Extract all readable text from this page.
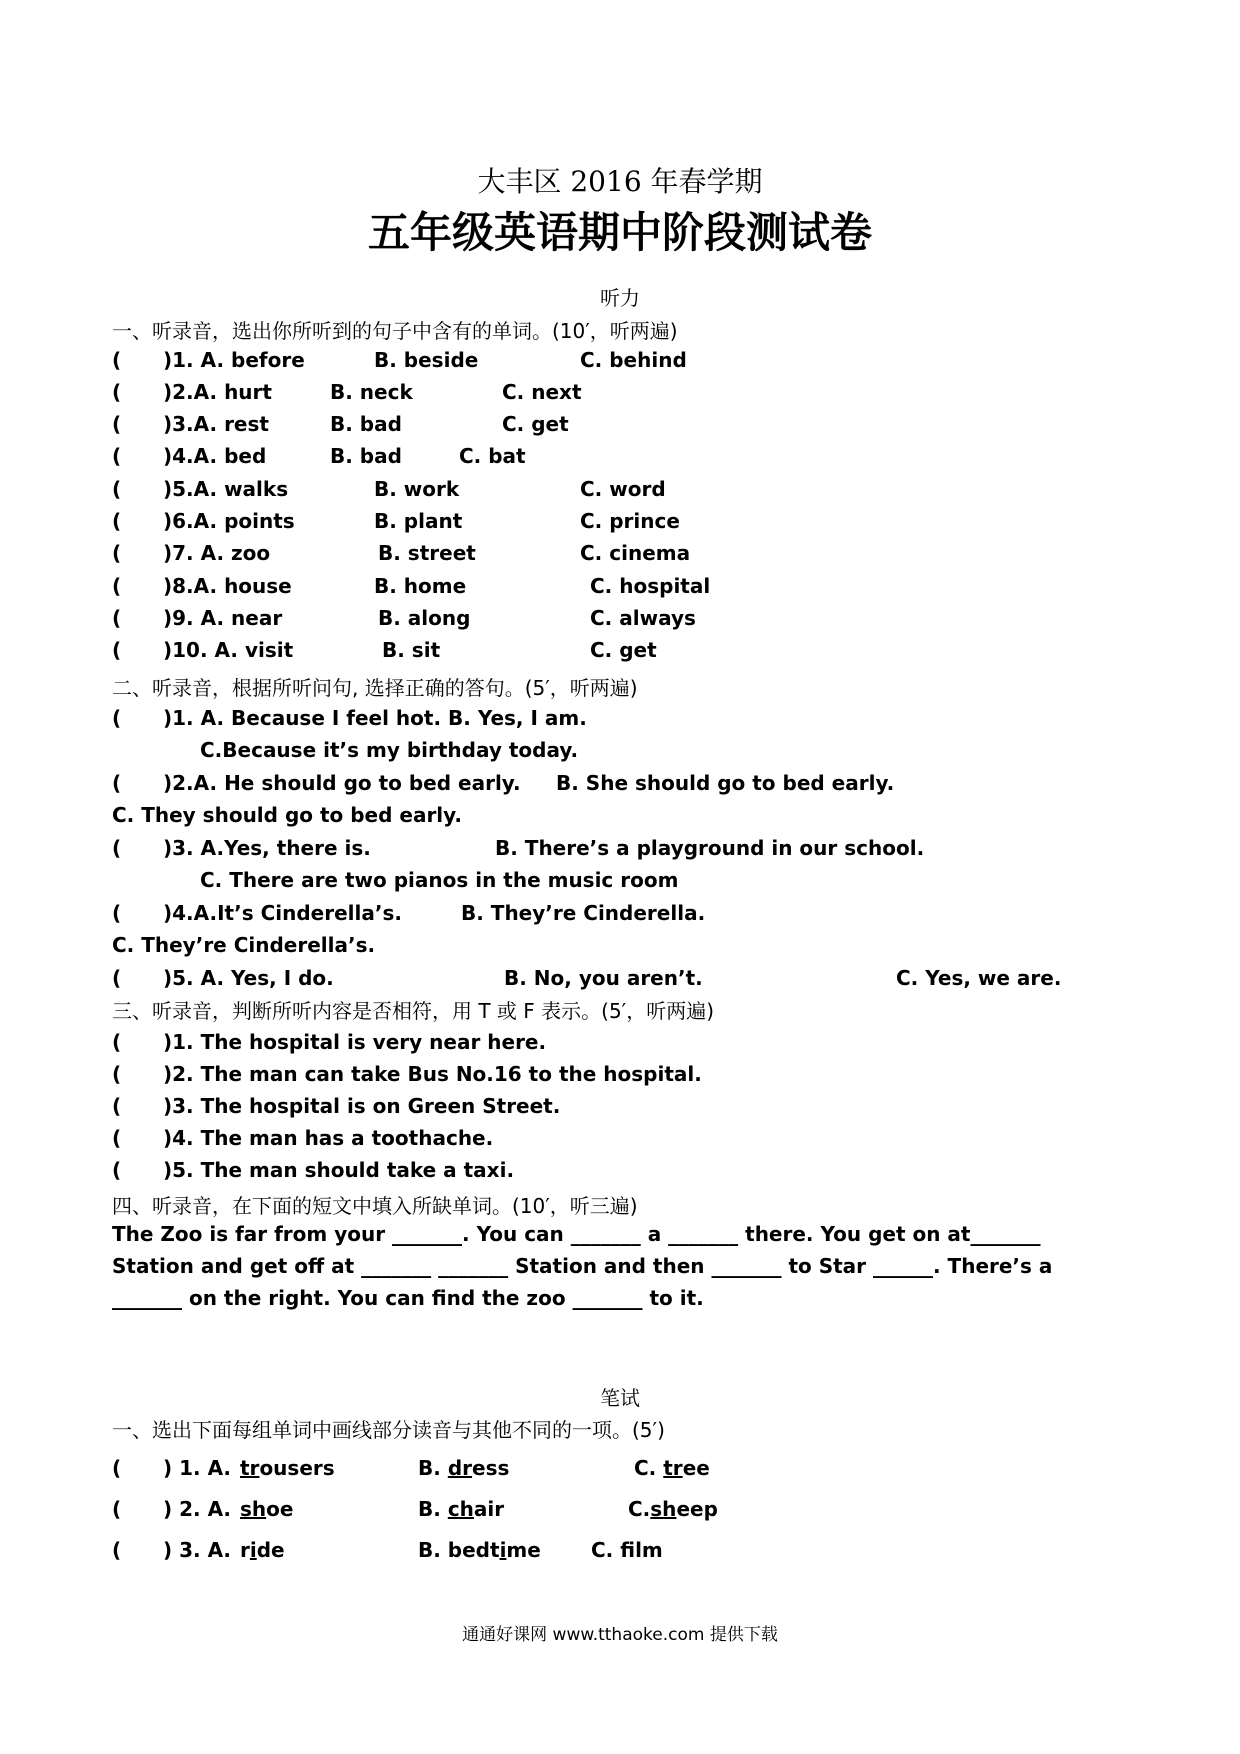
大丰区 2016 年春学期
五年级英语期中阶段测试卷
听力
一、听录音，选出你所听到的句子中含有的单词。(10′，听两遍)
( )1. A. before	B. beside	C. behind
( )2.A. hurt	B. neck	C. next
( )3.A. rest	B. bad	C. get
( )4.A. bed	B. bad	C. bat
( )5.A. walks	B. work	C. word
( )6.A. points	B. plant	C. prince
( )7. A. zoo	B. street	C. cinema
( )8.A. house	B. home	C. hospital
( )9. A. near	B. along	C. always
( )10. A. visit	B. sit	C. get
二、听录音，根据所听问句, 选择正确的答句。(5′，听两遍)
( )1. A. Because I feel hot. B. Yes, I am.
C.Because it’s my birthday today.
( )2.A. He should go to bed early. B. She should go to bed early.
C. They should go to bed early.
( )3. A.Yes, there is.	B. There’s a playground in our school.
C. There are two pianos in the music room
( )4.A.It’s Cinderella’s.	B. They’re Cinderella.
C. They’re Cinderella’s.
( )5. A. Yes, I do.	B. No, you aren’t.	C. Yes, we are.
三、听录音，判断所听内容是否相符，用 T 或 F 表示。(5′，听两遍)
( )1. The hospital is very near here.
( )2. The man can take Bus No.16 to the hospital.
( )3. The hospital is on Green Street.
( )4. The man has a toothache.
( )5. The man should take a taxi.
四、听录音，在下面的短文中填入所缺单词。(10′，听三遍)
The Zoo is far from your _______. You can _______ a _______ there. You get on at_______
Station and get off at _______ _______ Station and then _______ to Star ______. There’s a
_______ on the right. You can find the zoo _______ to it.
笔试
一、选出下面每组单词中画线部分读音与其他不同的一项。(5′)
( ) 1. A. trousers	B. dress	C. tree
( ) 2. A. shoe	B. chair	C.sheep
( ) 3. A. ride	B. bedtime	C. flm
通通好课网 www.tthaoke.com 提供下载
